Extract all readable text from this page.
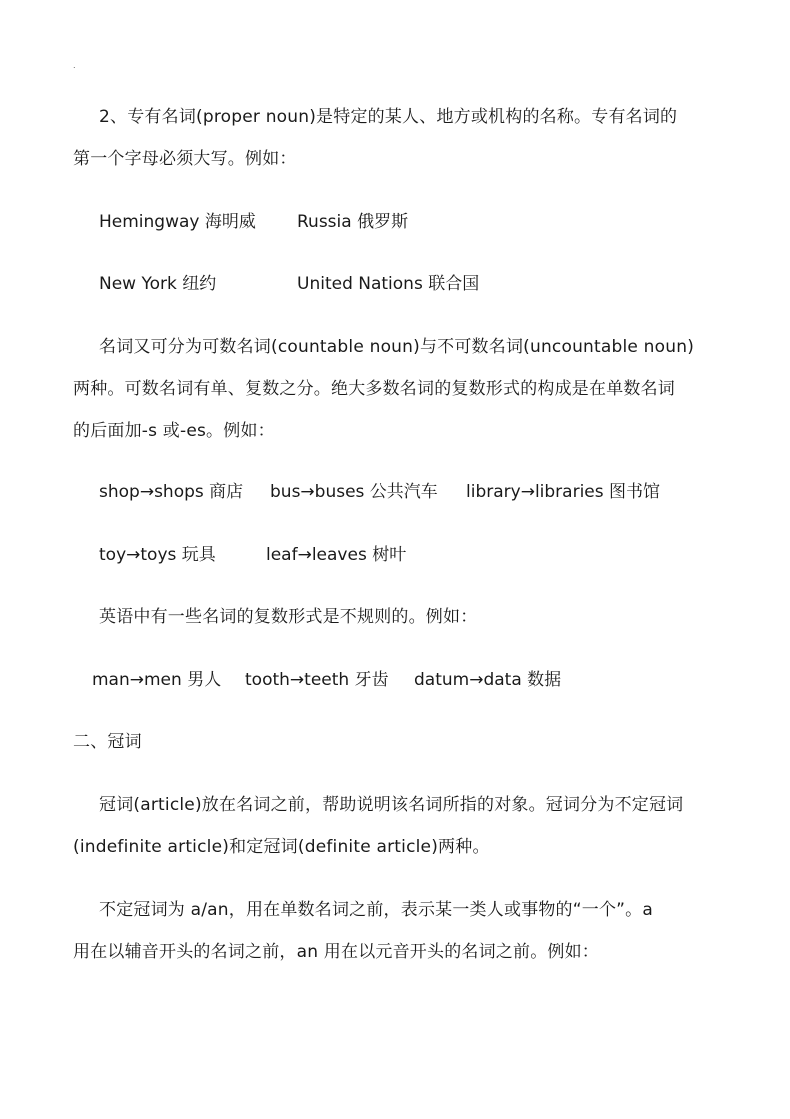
.
2、专有名词(proper noun)是特定的某人、地方或机构的名称。专有名词的
第一个字母必须大写。例如：
Hemingway 海明威 Russia 俄罗斯
New York 纽约	United Nations 联合国
名词又可分为可数名词(countable noun)与不可数名词(uncountable noun)
两种。可数名词有单、复数之分。绝大多数名词的复数形式的构成是在单数名词
的后面加-s 或-es。例如：
shop→shops 商店 bus→buses 公共汽车 library→libraries 图书馆
toy→toys 玩具	leaf→leaves 树叶
英语中有一些名词的复数形式是不规则的。例如：
man→men 男人 tooth→teeth 牙齿 datum→data 数据
二、冠词
冠词(article)放在名词之前，帮助说明该名词所指的对象。冠词分为不定冠词
(indefinite article)和定冠词(definite article)两种。
不定冠词为 a/an，用在单数名词之前，表示某一类人或事物的“一个”。a
用在以辅音开头的名词之前，an 用在以元音开头的名词之前。例如：
